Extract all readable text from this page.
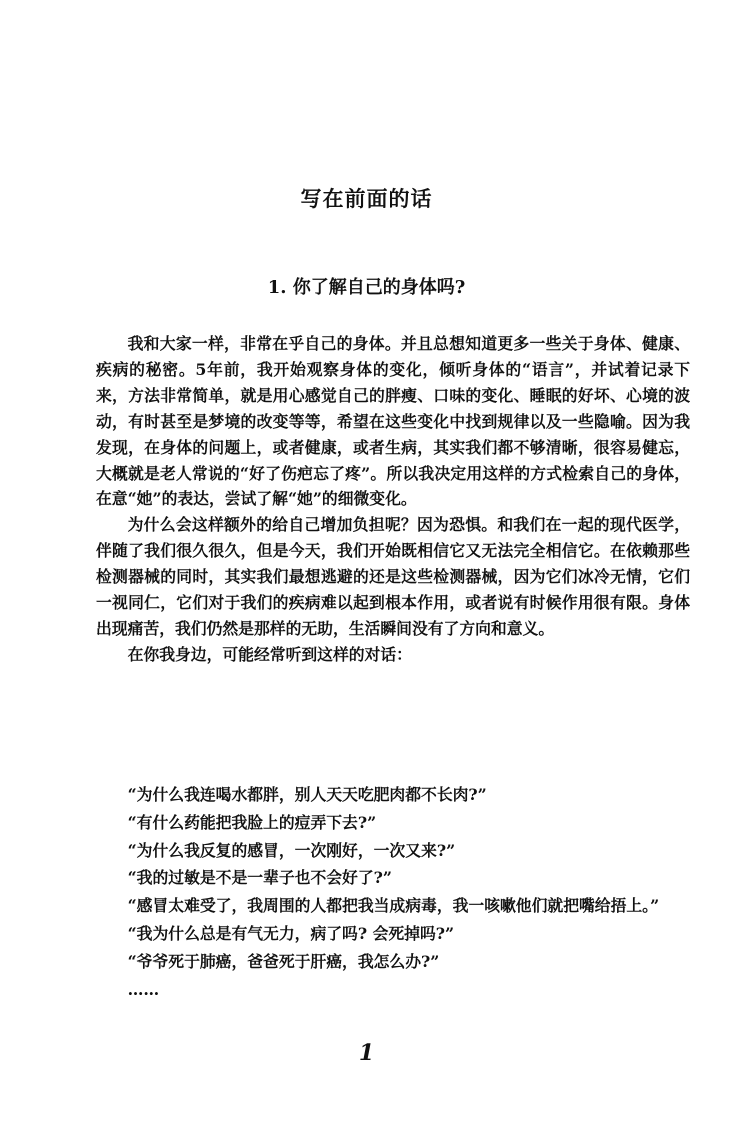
写在前面的话
1. 你了解自己的身体吗?

我和大家一样，非常在乎自己的身体。并且总想知道更多一些关于身体、健康、疾病的秘密。5年前，我开始观察身体的变化，倾听身体的“语言”，并试着记录下来，方法非常简单，就是用心感觉自己的胖瘦、口味的变化、睡眠的好坏、心境的波动，有时甚至是梦境的改变等等，希望在这些变化中找到规律以及一些隐喻。因为我发现，在身体的问题上，或者健康，或者生病，其实我们都不够清晰，很容易健忘，大概就是老人常说的“好了伤疤忘了疼”。所以我决定用这样的方式检索自己的身体，在意“她”的表达，尝试了解“她”的细微变化。

为什么会这样额外的给自己增加负担呢？因为恐惧。和我们在一起的现代医学，伴随了我们很久很久，但是今天，我们开始既相信它又无法完全相信它。在依赖那些检测器械的同时，其实我们最想逃避的还是这些检测器械，因为它们冰冷无情，它们一视同仁，它们对于我们的疾病难以起到根本作用，或者说有时候作用很有限。身体出现痛苦，我们仍然是那样的无助，生活瞬间没有了方向和意义。

在你我身边，可能经常听到这样的对话：

“为什么我连喝水都胖，别人天天吃肥肉都不长肉?”

“有什么药能把我脸上的痘弄下去?”

“为什么我反复的感冒，一次刚好，一次又来?”

“我的过敏是不是一辈子也不会好了?”

“感冒太难受了，我周围的人都把我当成病毒，我一咳嗽他们就把嘴给捂上。”

“我为什么总是有气无力，病了吗? 会死掉吗?”

“爷爷死于肺癌，爸爸死于肝癌，我怎么办?”

……

1
